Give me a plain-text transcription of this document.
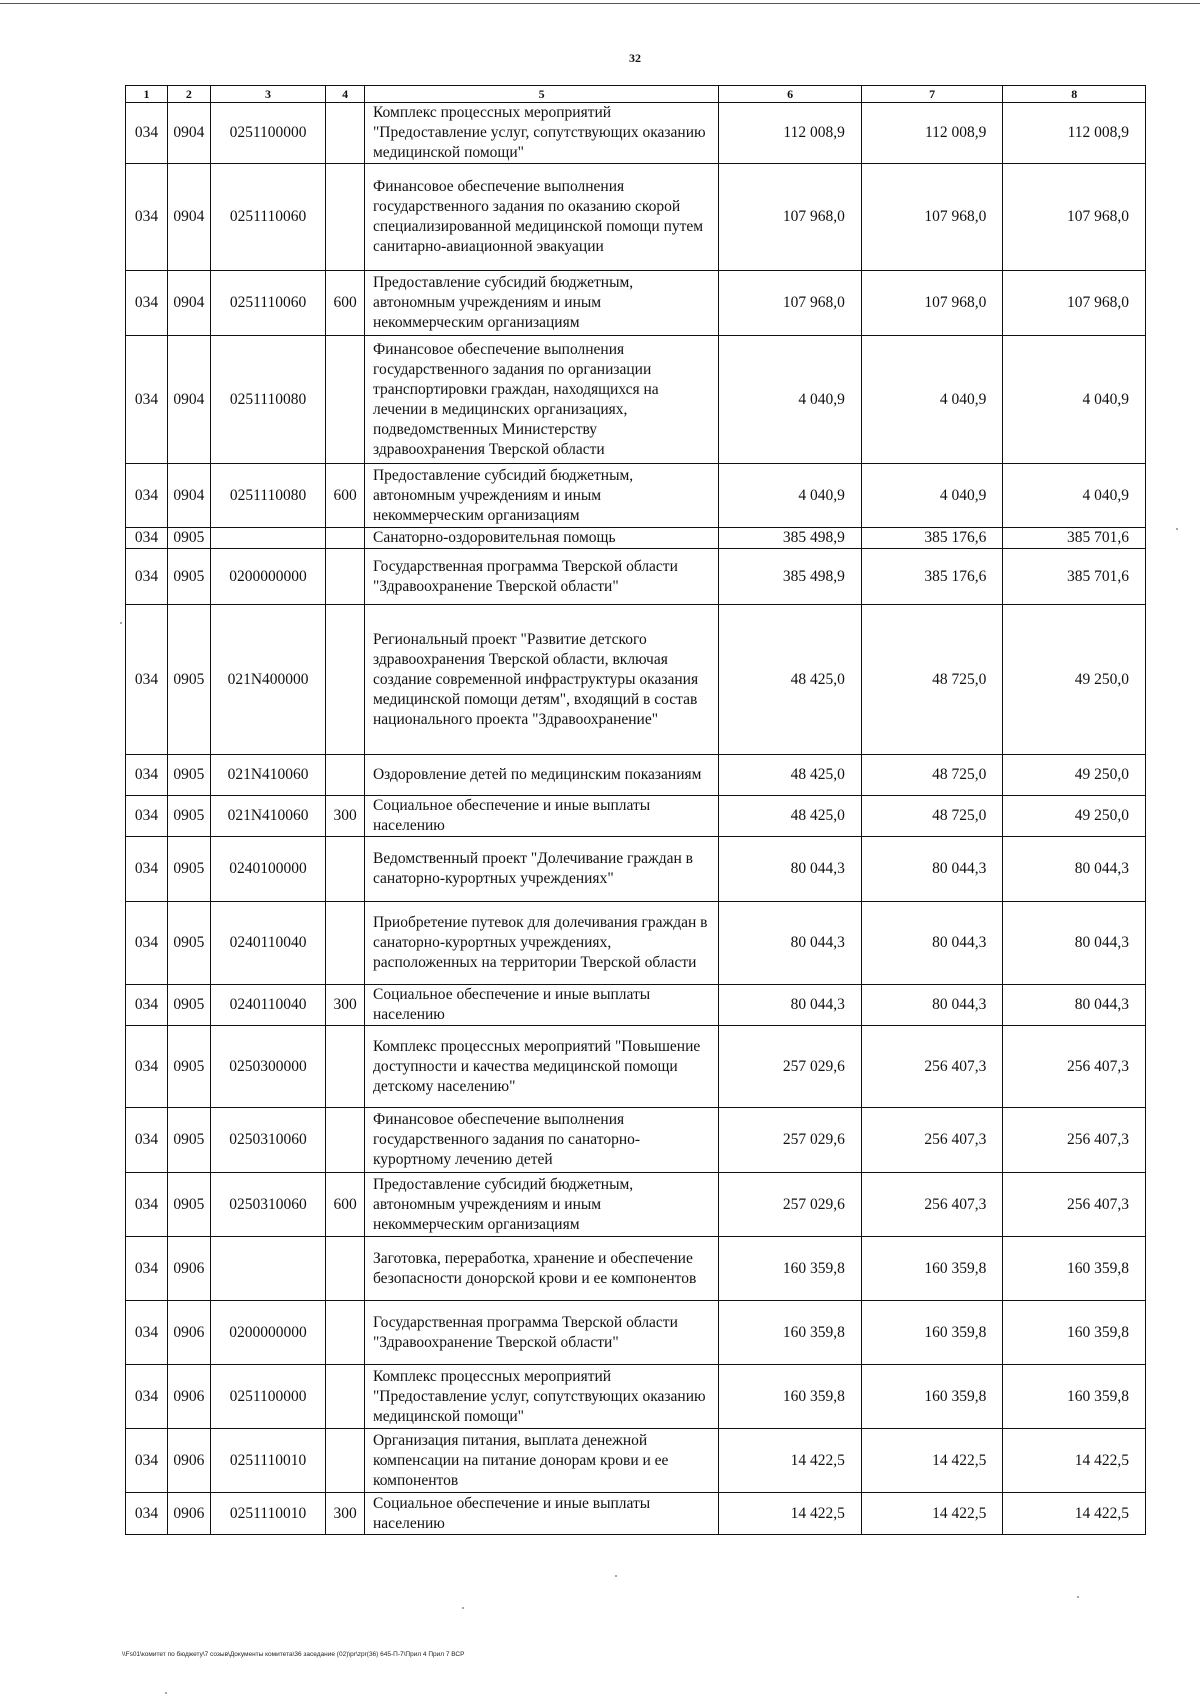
32
1	2	3	4	5	6	7	8
034	0904	0251100000		Комплекс процессных мероприятий "Предоставление услуг, сопутствующих оказанию медицинской помощи"	112 008,9	112 008,9	112 008,9
034	0904	0251110060		Финансовое обеспечение выполнения государственного задания по оказанию скорой специализированной медицинской помощи путем санитарно-авиационной эвакуации	107 968,0	107 968,0	107 968,0
034	0904	0251110060	600	Предоставление субсидий бюджетным, автономным учреждениям и иным некоммерческим организациям	107 968,0	107 968,0	107 968,0
034	0904	0251110080		Финансовое обеспечение выполнения государственного задания по организации транспортировки граждан, находящихся на лечении в медицинских организациях, подведомственных Министерству здравоохранения Тверской области	4 040,9	4 040,9	4 040,9
034	0904	0251110080	600	Предоставление субсидий бюджетным, автономным учреждениям и иным некоммерческим организациям	4 040,9	4 040,9	4 040,9
034	0905			Санаторно-оздоровительная помощь	385 498,9	385 176,6	385 701,6
034	0905	0200000000		Государственная программа Тверской области "Здравоохранение Тверской области"	385 498,9	385 176,6	385 701,6
034	0905	021N400000		Региональный проект "Развитие детского здравоохранения Тверской области, включая создание современной инфраструктуры оказания медицинской помощи детям", входящий в состав национального проекта "Здравоохранение"	48 425,0	48 725,0	49 250,0
034	0905	021N410060		Оздоровление детей по медицинским показаниям	48 425,0	48 725,0	49 250,0
034	0905	021N410060	300	Социальное обеспечение и иные выплаты населению	48 425,0	48 725,0	49 250,0
034	0905	0240100000		Ведомственный проект "Долечивание граждан в санаторно-курортных учреждениях"	80 044,3	80 044,3	80 044,3
034	0905	0240110040		Приобретение путевок для долечивания граждан в санаторно-курортных учреждениях, расположенных на территории Тверской области	80 044,3	80 044,3	80 044,3
034	0905	0240110040	300	Социальное обеспечение и иные выплаты населению	80 044,3	80 044,3	80 044,3
034	0905	0250300000		Комплекс процессных мероприятий "Повышение доступности и качества медицинской помощи детскому населению"	257 029,6	256 407,3	256 407,3
034	0905	0250310060		Финансовое обеспечение выполнения государственного задания по санаторно-курортному лечению детей	257 029,6	256 407,3	256 407,3
034	0905	0250310060	600	Предоставление субсидий бюджетным, автономным учреждениям и иным некоммерческим организациям	257 029,6	256 407,3	256 407,3
034	0906			Заготовка, переработка, хранение и обеспечение безопасности донорской крови и ее компонентов	160 359,8	160 359,8	160 359,8
034	0906	0200000000		Государственная программа Тверской области "Здравоохранение Тверской области"	160 359,8	160 359,8	160 359,8
034	0906	0251100000		Комплекс процессных мероприятий "Предоставление услуг, сопутствующих оказанию медицинской помощи"	160 359,8	160 359,8	160 359,8
034	0906	0251110010		Организация питания, выплата денежной компенсации на питание донорам крови и ее компонентов	14 422,5	14 422,5	14 422,5
034	0906	0251110010	300	Социальное обеспечение и иные выплаты населению	14 422,5	14 422,5	14 422,5
\\Fs01\комитет по бюджету\7 созыв\Документы комитета\36 заседание (02)\pr\zpr(36) 645-П-7\Прил 4 Прил 7 ВСР
